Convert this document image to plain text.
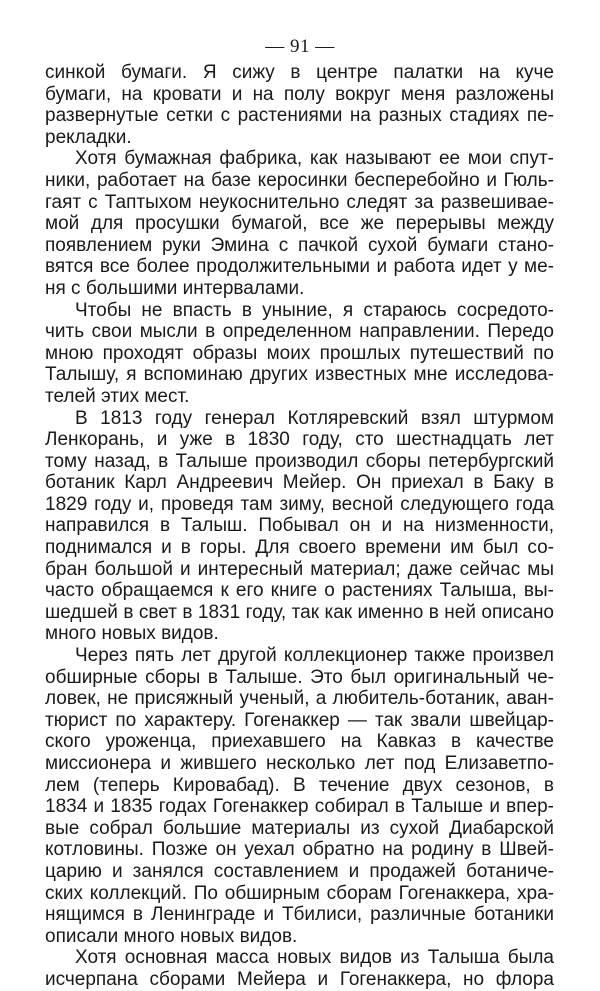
— 91 —
синкой бумаги. Я сижу в центре палатки на куче
бумаги, на кровати и на полу вокруг меня разложены
развернутые сетки с растениями на разных стадиях пе-
рекладки.
Хотя бумажная фабрика, как называют ее мои спут-
ники, работает на базе керосинки бесперебойно и Гюль-
гаят с Таптыхом неукоснительно следят за развешивае-
мой для просушки бумагой, все же перерывы между
появлением руки Эмина с пачкой сухой бумаги стано-
вятся все более продолжительными и работа идет у ме-
ня с большими интервалами.
Чтобы не впасть в уныние, я стараюсь сосредото-
чить свои мысли в определенном направлении. Передо
мною проходят образы моих прошлых путешествий по
Талышу, я вспоминаю других известных мне исследова-
телей этих мест.
В 1813 году генерал Котляревский взял штурмом
Ленкорань, и уже в 1830 году, сто шестнадцать лет
тому назад, в Талыше производил сборы петербургский
ботаник Карл Андреевич Мейер. Он приехал в Баку в
1829 году и, проведя там зиму, весной следующего года
направился в Талыш. Побывал он и на низменности,
поднимался и в горы. Для своего времени им был со-
бран большой и интересный материал; даже сейчас мы
часто обращаемся к его книге о растениях Талыша, вы-
шедшей в свет в 1831 году, так как именно в ней описано
много новых видов.
Через пять лет другой коллекционер также произвел
обширные сборы в Талыше. Это был оригинальный че-
ловек, не присяжный ученый, а любитель-ботаник, аван-
тюрист по характеру. Гогенаккер — так звали швейцар-
ского уроженца, приехавшего на Кавказ в качестве
миссионера и жившего несколько лет под Елизаветпо-
лем (теперь Кировабад). В течение двух сезонов, в
1834 и 1835 годах Гогенаккер собирал в Талыше и впер-
вые собрал большие материалы из сухой Диабарской
котловины. Позже он уехал обратно на родину в Швей-
царию и занялся составлением и продажей ботаниче-
ских коллекций. По обширным сборам Гогенаккера, хра-
нящимся в Ленинграде и Тбилиси, различные ботаники
описали много новых видов.
Хотя основная масса новых видов из Талыша была
исчерпана сборами Мейера и Гогенаккера, но флора
